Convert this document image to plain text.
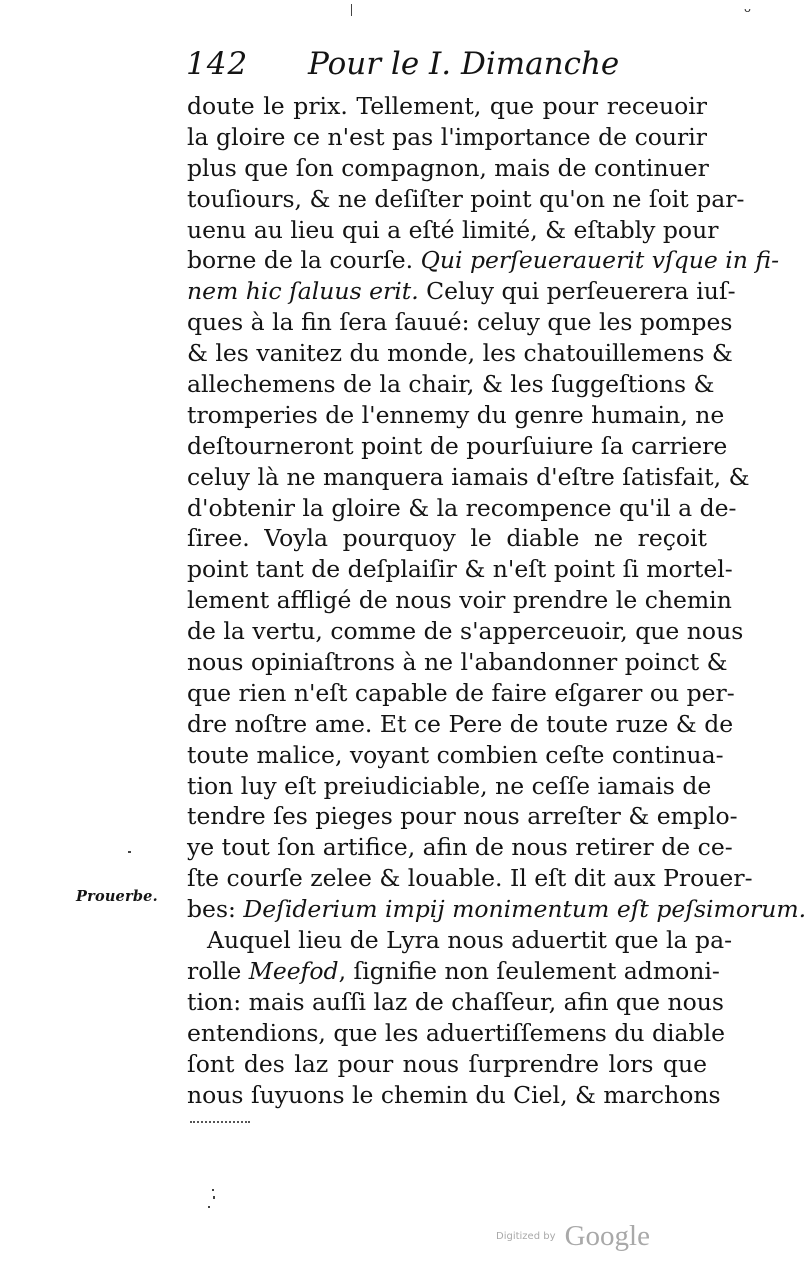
ᵕ
142 Pour le I. Dimanche
doute le prix. Tellement, que pour receuoir
la gloire ce n'est pas l'importance de courir
plus que ſon compagnon, mais de continuer
touſiours, & ne deſiſter point qu'on ne ſoit par-
uenu au lieu qui a eſté limité, & eſtably pour
borne de la courſe. Qui perſeuerauerit vſque in fi-
nem hic ſaluus erit. Celuy qui perſeuerera iuſ-
ques à la fin ſera ſauué: celuy que les pompes
& les vanitez du monde, les chatouillemens &
allechemens de la chair, & les ſuggeſtions &
tromperies de l'ennemy du genre humain, ne
deſtourneront point de pourſuiure ſa carriere
celuy là ne manquera iamais d'eſtre ſatisfait, &
d'obtenir la gloire & la recompence qu'il a de-
ſiree. Voyla pourquoy le diable ne reçoit
point tant de deſplaiſir & n'eſt point ſi mortel-
lement affligé de nous voir prendre le chemin
de la vertu, comme de s'apperceuoir, que nous
nous opiniaſtrons à ne l'abandonner poinct &
que rien n'eſt capable de faire eſgarer ou per-
dre noſtre ame. Et ce Pere de toute ruze & de
toute malice, voyant combien ceſte continua-
tion luy eſt preiudiciable, ne ceſſe iamais de
tendre ſes pieges pour nous arreſter & emplo-
ye tout ſon artifice, afin de nous retirer de ce-
ſte courſe zelee & louable. Il eſt dit aux Prouer-
bes: Deſiderium impij monimentum eſt peſsimorum.
Auquel lieu de Lyra nous aduertit que la pa-
rolle Meefod, ſignifie non ſeulement admoni-
tion: mais auſſi laz de chaſſeur, afin que nous
entendions, que les aduertiſſemens du diable
ſont des laz pour nous ſurprendre lors que
nous ſuyuons le chemin du Ciel, & marchons
Prouerbe.
Digitized by Google
